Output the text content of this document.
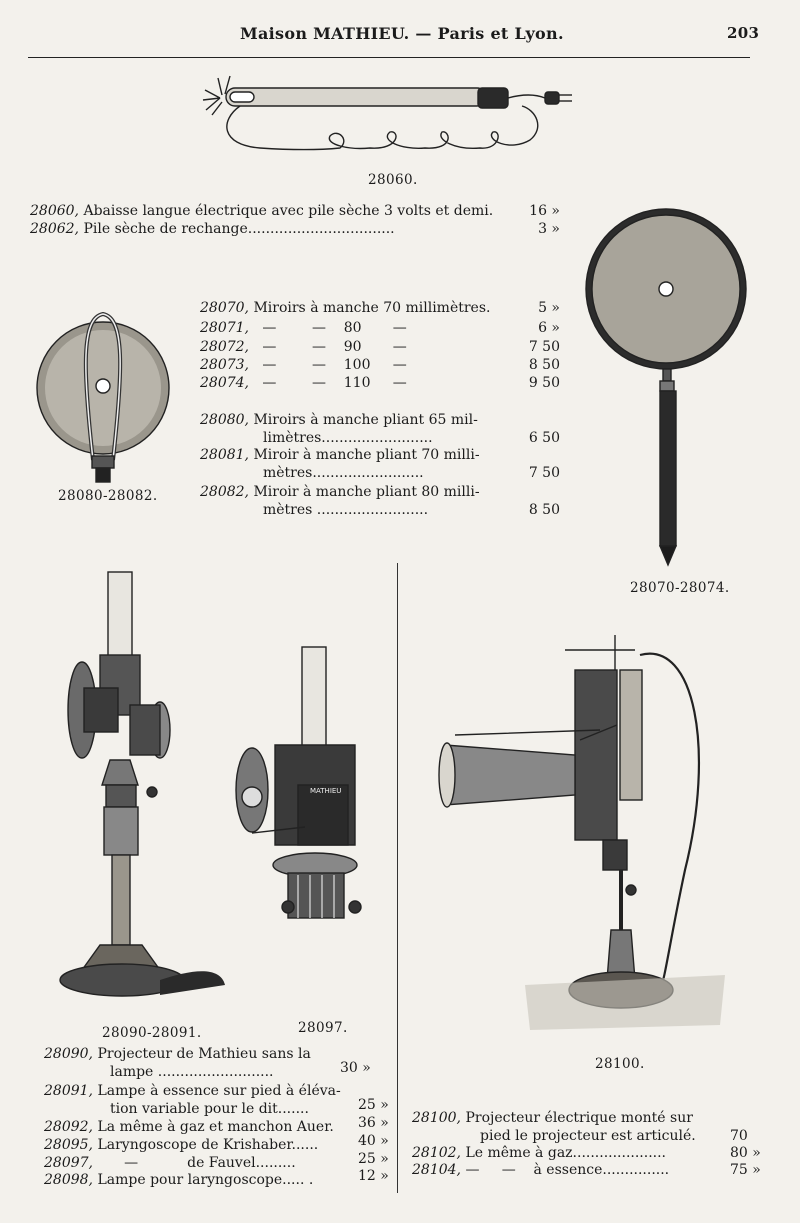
Maison MATHIEU. — Paris et Lyon.	203
28060.
28060, Abaisse langue électrique avec pile sèche 3 volts et demi.	16 »
28062, Pile sèche de rechange.................................	3 »
28080-28082.
28070-28074.
28070, Miroirs à manche 70 millimètres.	5 »
28071, —        —    80       —	6 »
28072, —        —    90       —	7 50
28073, —        —    100     —	8 50
28074, —        —    110     —	9 50
28080, Miroirs à manche pliant 65 mil-
limètres.........................	6 50
28081, Miroir à manche pliant 70 milli-
mètres.........................	7 50
28082, Miroir à manche pliant 80 milli-
mètres .........................	8 50
MATHIEU
28090-28091.	28097.
28100.
28090, Projecteur de Mathieu sans la
lampe ..........................	30 »
28091, Lampe à essence sur pied à éléva-
tion variable pour le dit.......	25 »
28092, La même à gaz et manchon Auer. 36 »
28095, Laryngoscope de Krishaber......	40 »
28097, —           de Fauvel.........	25 »
28098, Lampe pour laryngoscope..... .	12 »
28100, Projecteur électrique monté sur
pied le projecteur est articulé. 70
28102, Le même à gaz.....................	80 »
28104, —     —    à essence...............	75 »
